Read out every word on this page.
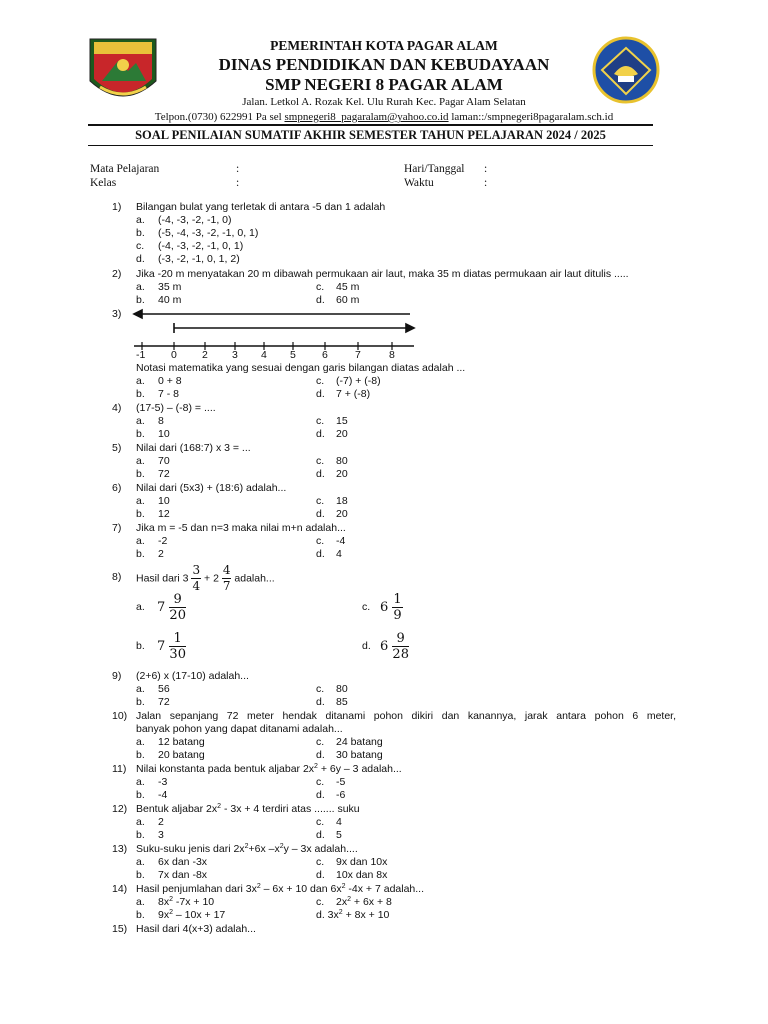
PEMERINTAH KOTA PAGAR ALAM
DINAS PENDIDIKAN DAN KEBUDAYAAN
SMP NEGERI 8 PAGAR ALAM
Jalan. Letkol A. Rozak Kel. Ulu Rurah Kec. Pagar Alam Selatan
Telpon.(0730) 622991 Pa sel smpnegeri8_pagaralam@yahoo.co.id laman::/smpnegeri8pagaralam.sch.id
SOAL PENILAIAN SUMATIF AKHIR SEMESTER TAHUN PELAJARAN 2024 / 2025
Mata Pelajaran	:	Hari/Tanggal :
Kelas	:	Waktu	:
1) Bilangan bulat yang terletak di antara -5 dan 1 adalah
a. (-4, -3, -2, -1, 0)
b. (-5, -4, -3, -2, -1, 0, 1)
c. (-4, -3, -2, -1, 0, 1)
d. (-3, -2, -1, 0, 1, 2)
2) Jika -20 m menyatakan 20 m dibawah permukaan air laut, maka 35 m diatas permukaan air laut ditulis .....
a. 35 m	c. 45 m
b. 40 m	d. 60 m
3)
-1 0 2 3 4 5 6	7	8
Notasi matematika yang sesuai dengan garis bilangan diatas adalah ...
a. 0 + 8	c. (-7) + (-8)
b. 7 - 8	d. 7 + (-8)
4) (17-5) – (-8) = ....
a. 8	c. 15
b. 10	d. 20
5) Nilai dari (168:7) x 3 = ...
a. 70	c. 80
b. 72	d. 20
6) Nilai dari (5x3) + (18:6) adalah...
a. 10	c. 18
b. 12	d. 20
7) Jika m = -5 dan n=3 maka nilai m+n adalah...
a. -2	c. -4
b. 2	d. 4
8) Hasil dari $3 \frac{3}{4} + 2 \frac{4}{7}$ adalah...
a. $7 \frac{9}{20}$	c. $6 \frac{1}{9}$
b. $7 \frac{1}{30}$	d. $6 \frac{9}{28}$
9) (2+6) x (17-10) adalah...
a. 56	c. 80
b. 72	d. 85
10) Jalan sepanjang 72 meter hendak ditanami pohon dikiri dan kanannya, jarak antara pohon 6 meter,
banyak pohon yang dapat ditanami adalah...
a. 12 batang	c. 24 batang
b. 20 batang	d. 30 batang
11) Nilai konstanta pada bentuk aljabar $2x^2 + 6y - 3$ adalah...
a. -3	c. -5
b. -4	d. -6
12) Bentuk aljabar $2x^2 - 3x + 4$ terdiri atas ....... suku
a. 2	c. 4
b. 3	d. 5
13) Suku-suku jenis dari $2x^2+6x$ $-x^2y - 3x$ adalah....
a. 6x dan -3x	c. 9x dan 10x
b. 7x dan -8x	d. 10x dan 8x
14) Hasil penjumlahan dari $3x^2 - 6x + 10$ dan $6x^2$ -4x + 7 adalah...
a. $8x^2$ -7x + 10	c. $2x^2 + 6x + 8$
b. $9x^2 - 10x + 17$	d. $3x^2 + 8x + 10$
15) Hasil dari 4(x+3) adalah...
